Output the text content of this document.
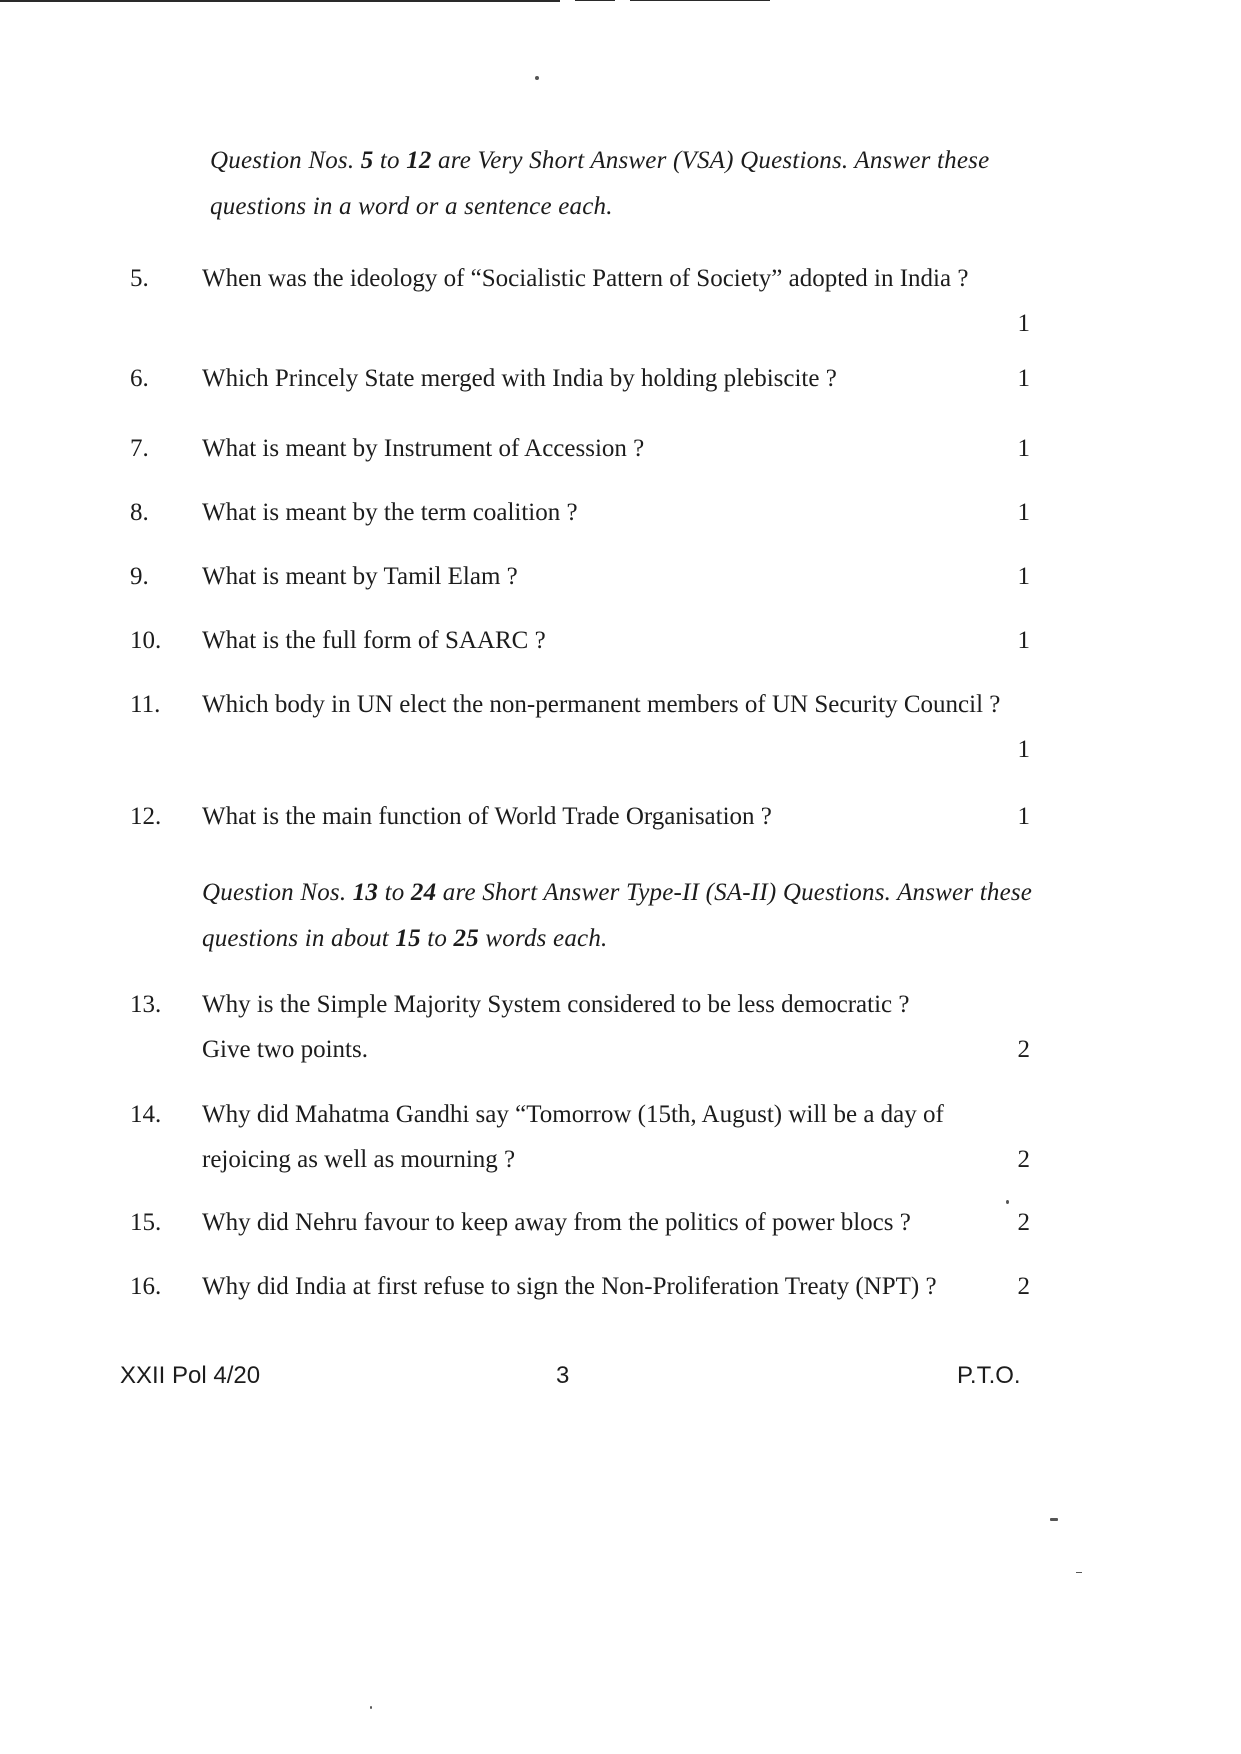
Question Nos. 5 to 12 are Very Short Answer (VSA) Questions. Answer these questions in a word or a sentence each.
5. When was the ideology of “Socialistic Pattern of Society” adopted in India ?
1
6. Which Princely State merged with India by holding plebiscite ?	1
7. What is meant by Instrument of Accession ?	1
8. What is meant by the term coalition ?	1
9. What is meant by Tamil Elam ?	1
10. What is the full form of SAARC ?	1
11. Which body in UN elect the non-permanent members of UN Security Council ?
1
12. What is the main function of World Trade Organisation ?	1
Question Nos. 13 to 24 are Short Answer Type-II (SA-II) Questions. Answer these questions in about 15 to 25 words each.
13. Why is the Simple Majority System considered to be less democratic ? Give two points.	2
14. Why did Mahatma Gandhi say “Tomorrow (15th, August) will be a day of rejoicing as well as mourning ?	2
15. Why did Nehru favour to keep away from the politics of power blocs ?	2
16. Why did India at first refuse to sign the Non-Proliferation Treaty (NPT) ?	2
XXII Pol 4/20	3	P.T.O.
